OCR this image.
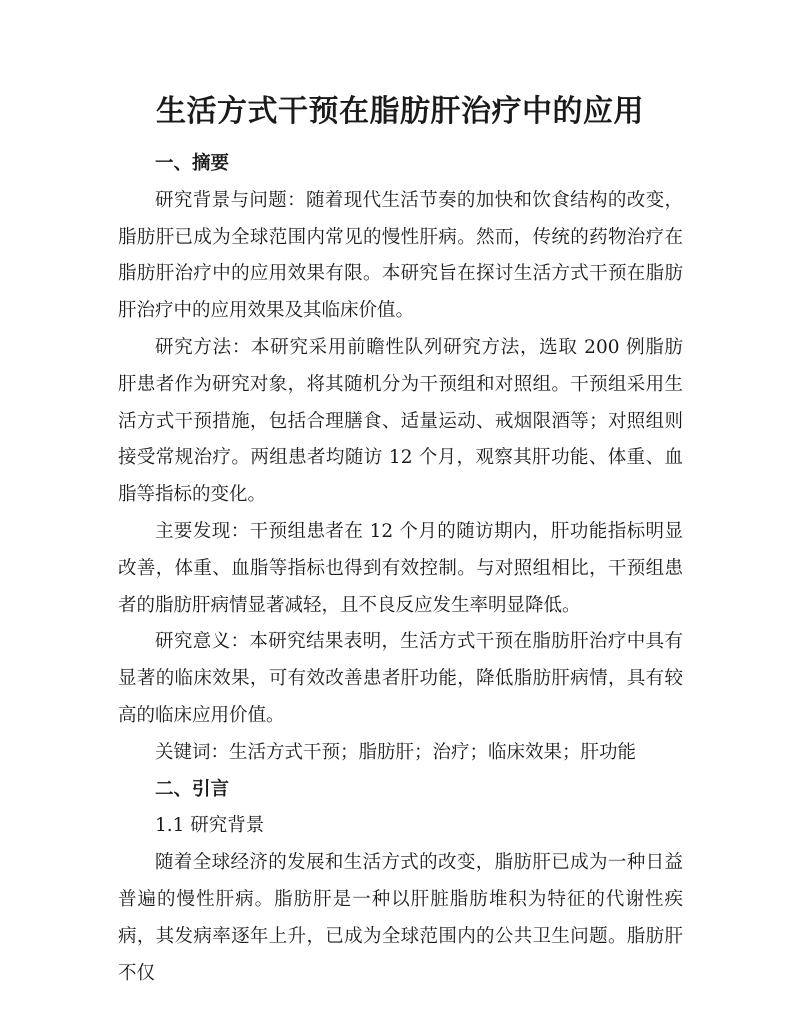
生活方式干预在脂肪肝治疗中的应用

一、摘要

研究背景与问题：随着现代生活节奏的加快和饮食结构的改变，脂肪肝已成为全球范围内常见的慢性肝病。然而，传统的药物治疗在脂肪肝治疗中的应用效果有限。本研究旨在探讨生活方式干预在脂肪肝治疗中的应用效果及其临床价值。

研究方法：本研究采用前瞻性队列研究方法，选取 200 例脂肪肝患者作为研究对象，将其随机分为干预组和对照组。干预组采用生活方式干预措施，包括合理膳食、适量运动、戒烟限酒等；对照组则接受常规治疗。两组患者均随访 12 个月，观察其肝功能、体重、血脂等指标的变化。

主要发现：干预组患者在 12 个月的随访期内，肝功能指标明显改善，体重、血脂等指标也得到有效控制。与对照组相比，干预组患者的脂肪肝病情显著减轻，且不良反应发生率明显降低。

研究意义：本研究结果表明，生活方式干预在脂肪肝治疗中具有显著的临床效果，可有效改善患者肝功能，降低脂肪肝病情，具有较高的临床应用价值。

关键词：生活方式干预；脂肪肝；治疗；临床效果；肝功能

二、引言

1.1 研究背景

随着全球经济的发展和生活方式的改变，脂肪肝已成为一种日益普遍的慢性肝病。脂肪肝是一种以肝脏脂肪堆积为特征的代谢性疾病，其发病率逐年上升，已成为全球范围内的公共卫生问题。脂肪肝不仅
